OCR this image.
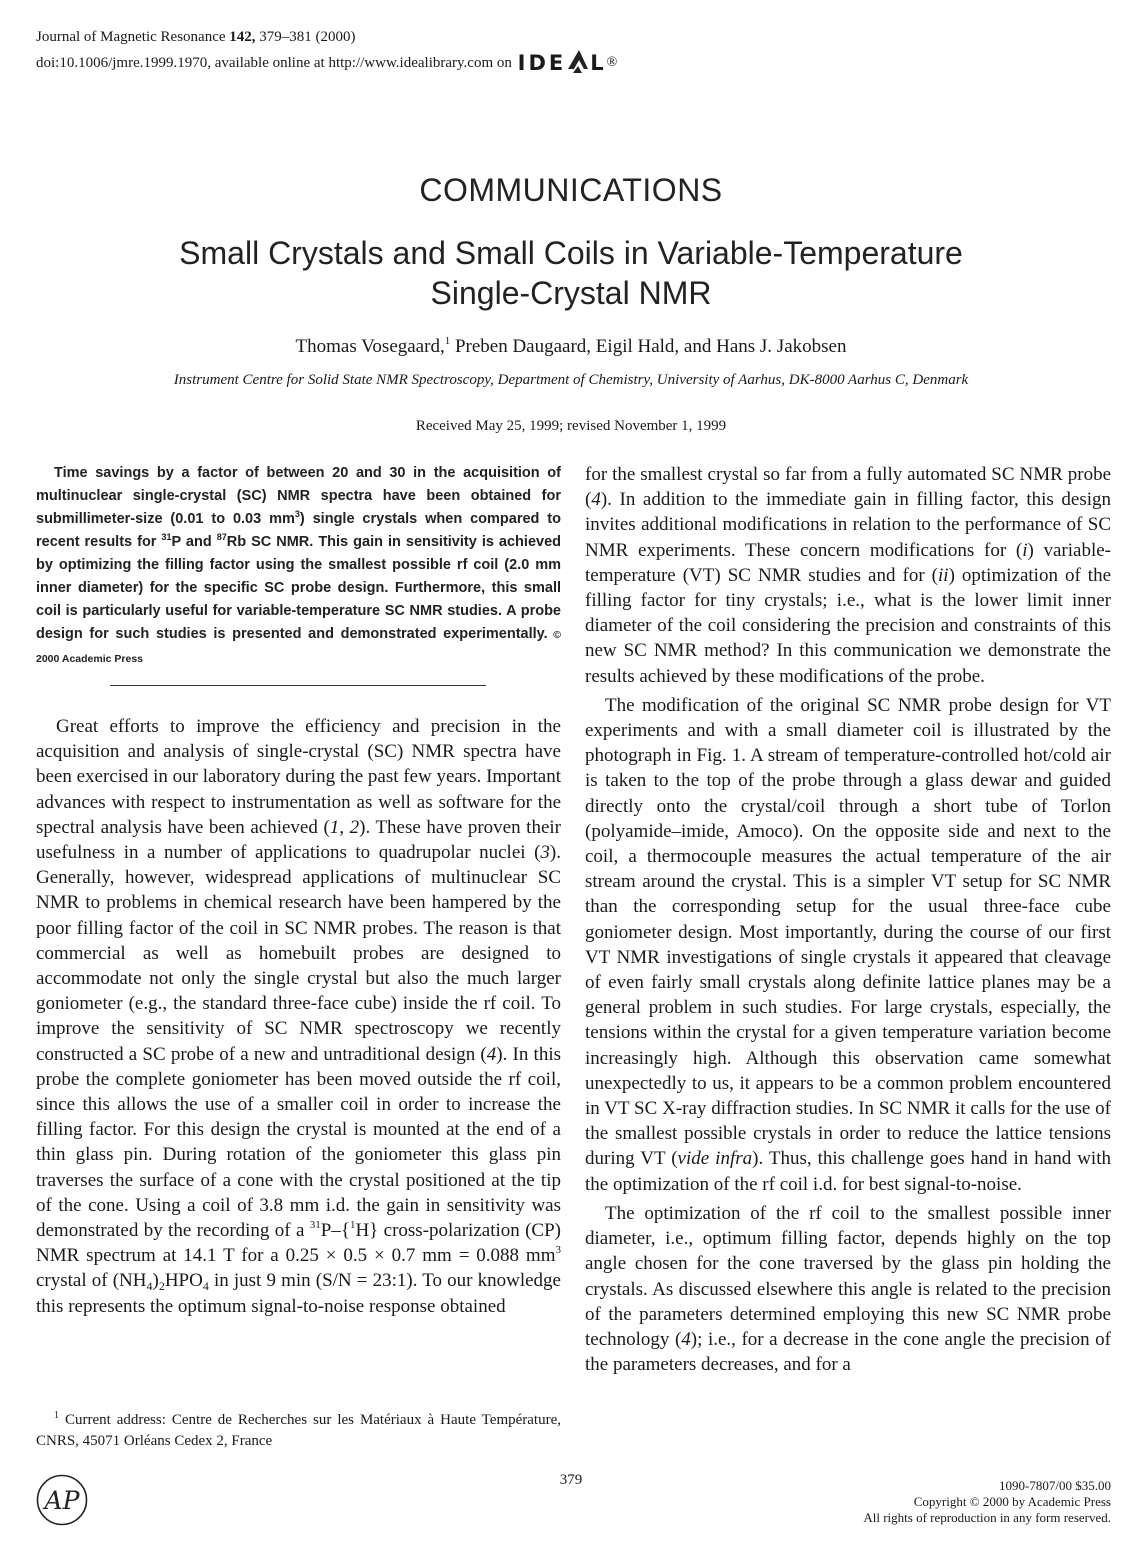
Journal of Magnetic Resonance 142, 379–381 (2000)
doi:10.1006/jmre.1999.1970, available online at http://www.idealibrary.com on IDE L ®
COMMUNICATIONS
Small Crystals and Small Coils in Variable-Temperature
Single-Crystal NMR
Thomas Vosegaard,$^1$ Preben Daugaard, Eigil Hald, and Hans J. Jakobsen
Instrument Centre for Solid State NMR Spectroscopy, Department of Chemistry, University of Aarhus, DK-8000 Aarhus C, Denmark
Received May 25, 1999; revised November 1, 1999

Time savings by a factor of between 20 and 30 in the acquisition of multinuclear single-crystal (SC) NMR spectra have been obtained for submillimeter-size (0.01 to 0.03 $mm^3$) single crystals when compared to recent results for $^{31}$P and $^{87}$Rb SC NMR. This gain in sensitivity is achieved by optimizing the filling factor using the smallest possible rf coil (2.0 mm inner diameter) for the specific SC probe design. Furthermore, this small coil is particularly useful for variable-temperature SC NMR studies. A probe design for such studies is presented and demonstrated experimentally. © 2000 Academic Press

Great efforts to improve the efficiency and precision in the acquisition and analysis of single-crystal (SC) NMR spectra have been exercised in our laboratory during the past few years. Important advances with respect to instrumentation as well as software for the spectral analysis have been achieved (1, 2). These have proven their usefulness in a number of applications to quadrupolar nuclei (3). Generally, however, widespread applications of multinuclear SC NMR to problems in chemical research have been hampered by the poor filling factor of the coil in SC NMR probes. The reason is that commercial as well as homebuilt probes are designed to accommodate not only the single crystal but also the much larger goniometer (e.g., the standard three-face cube) inside the rf coil. To improve the sensitivity of SC NMR spectroscopy we recently constructed a SC probe of a new and untraditional design (4). In this probe the complete goniometer has been moved outside the rf coil, since this allows the use of a smaller coil in order to increase the filling factor. For this design the crystal is mounted at the end of a thin glass pin. During rotation of the goniometer this glass pin traverses the surface of a cone with the crystal positioned at the tip of the cone. Using a coil of 3.8 mm i.d. the gain in sensitivity was demonstrated by the recording of a $^{31}$P–{$^1$H} cross-polarization (CP) NMR spectrum at 14.1 T for a 0.25 × 0.5 × 0.7 mm = 0.088 $mm^3$ crystal of $(NH_4)_2HPO_4$ in just 9 min (S/N = 23:1). To our knowledge this represents the optimum signal-to-noise response obtained

for the smallest crystal so far from a fully automated SC NMR probe (4). In addition to the immediate gain in filling factor, this design invites additional modifications in relation to the performance of SC NMR experiments. These concern modifications for (i) variable-temperature (VT) SC NMR studies and for (ii) optimization of the filling factor for tiny crystals; i.e., what is the lower limit inner diameter of the coil considering the precision and constraints of this new SC NMR method? In this communication we demonstrate the results achieved by these modifications of the probe.

The modification of the original SC NMR probe design for VT experiments and with a small diameter coil is illustrated by the photograph in Fig. 1. A stream of temperature-controlled hot/cold air is taken to the top of the probe through a glass dewar and guided directly onto the crystal/coil through a short tube of Torlon (polyamide–imide, Amoco). On the opposite side and next to the coil, a thermocouple measures the actual temperature of the air stream around the crystal. This is a simpler VT setup for SC NMR than the corresponding setup for the usual three-face cube goniometer design. Most importantly, during the course of our first VT NMR investigations of single crystals it appeared that cleavage of even fairly small crystals along definite lattice planes may be a general problem in such studies. For large crystals, especially, the tensions within the crystal for a given temperature variation become increasingly high. Although this observation came somewhat unexpectedly to us, it appears to be a common problem encountered in VT SC X-ray diffraction studies. In SC NMR it calls for the use of the smallest possible crystals in order to reduce the lattice tensions during VT (vide infra). Thus, this challenge goes hand in hand with the optimization of the rf coil i.d. for best signal-to-noise.

The optimization of the rf coil to the smallest possible inner diameter, i.e., optimum filling factor, depends highly on the top angle chosen for the cone traversed by the glass pin holding the crystals. As discussed elsewhere this angle is related to the precision of the parameters determined employing this new SC NMR probe technology (4); i.e., for a decrease in the cone angle the precision of the parameters decreases, and for a

$^1$ Current address: Centre de Recherches sur les Matériaux à Haute Température, CNRS, 45071 Orléans Cedex 2, France
AP
379	1090-7807/00 $35.00
Copyright © 2000 by Academic Press
All rights of reproduction in any form reserved.
